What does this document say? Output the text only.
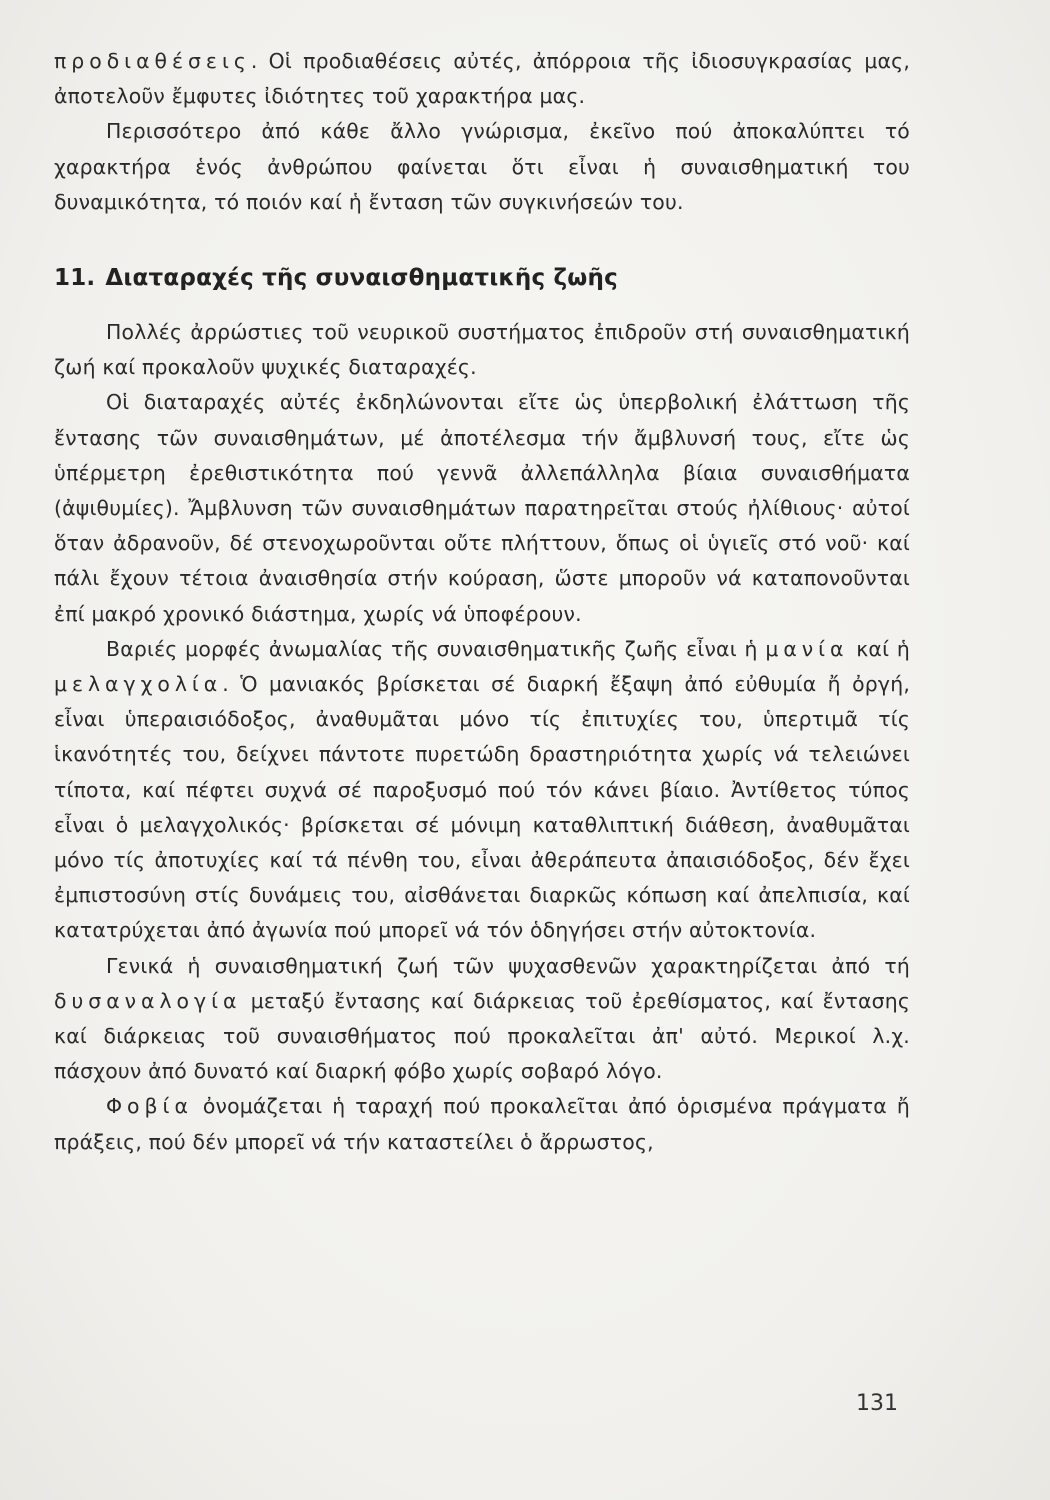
προδιαθέσεις. Οἱ προδιαθέσεις αὐτές, ἀπόρροια τῆς ἰδιοσυγκρασίας μας, ἀποτελοῦν ἔμφυτες ἰδιότητες τοῦ χαρακτήρα μας.

Περισσότερο ἀπό κάθε ἄλλο γνώρισμα, ἐκεῖνο πού ἀποκαλύπτει τό χαρακτήρα ἑνός ἀνθρώπου φαίνεται ὅτι εἶναι ἡ συναισθηματική του δυναμικότητα, τό ποιόν καί ἡ ἔνταση τῶν συγκινήσεών του.

11. Διαταραχές τῆς συναισθηματικῆς ζωῆς

Πολλές ἀρρώστιες τοῦ νευρικοῦ συστήματος ἐπιδροῦν στή συναισθηματική ζωή καί προκαλοῦν ψυχικές διαταραχές.

Οἱ διαταραχές αὐτές ἐκδηλώνονται εἴτε ὡς ὑπερβολική ἐλάττωση τῆς ἔντασης τῶν συναισθημάτων, μέ ἀποτέλεσμα τήν ἄμβλυνσή τους, εἴτε ὡς ὑπέρμετρη ἐρεθιστικότητα πού γεννᾶ ἀλλεπάλληλα βίαια συναισθήματα (ἀψιθυμίες). Ἄμβλυνση τῶν συναισθημάτων παρατηρεῖται στούς ἠλίθιους· αὐτοί ὅταν ἀδρανοῦν, δέ στενοχωροῦνται οὔτε πλήττουν, ὅπως οἱ ὑγιεῖς στό νοῦ· καί πάλι ἔχουν τέτοια ἀναισθησία στήν κούραση, ὥστε μποροῦν νά καταπονοῦνται ἐπί μακρό χρονικό διάστημα, χωρίς νά ὑποφέρουν.

Βαριές μορφές ἀνωμαλίας τῆς συναισθηματικῆς ζωῆς εἶναι ἡ μανία καί ἡ μελαγχολία. Ὁ μανιακός βρίσκεται σέ διαρκή ἔξαψη ἀπό εὐθυμία ἤ ὀργή, εἶναι ὑπεραισιόδοξος, ἀναθυμᾶται μόνο τίς ἐπιτυχίες του, ὑπερτιμᾶ τίς ἱκανότητές του, δείχνει πάντοτε πυρετώδη δραστηριότητα χωρίς νά τελειώνει τίποτα, καί πέφτει συχνά σέ παροξυσμό πού τόν κάνει βίαιο. Ἀντίθετος τύπος εἶναι ὁ μελαγχολικός· βρίσκεται σέ μόνιμη καταθλιπτική διάθεση, ἀναθυμᾶται μόνο τίς ἀποτυχίες καί τά πένθη του, εἶναι ἀθεράπευτα ἀπαισιόδοξος, δέν ἔχει ἐμπιστοσύνη στίς δυνάμεις του, αἰσθάνεται διαρκῶς κόπωση καί ἀπελπισία, καί κατατρύχεται ἀπό ἀγωνία πού μπορεῖ νά τόν ὁδηγήσει στήν αὐτοκτονία.

Γενικά ἡ συναισθηματική ζωή τῶν ψυχασθενῶν χαρακτηρίζεται ἀπό τή δυσαναλογία μεταξύ ἔντασης καί διάρκειας τοῦ ἐρεθίσματος, καί ἔντασης καί διάρκειας τοῦ συναισθήματος πού προκαλεῖται ἀπ' αὐτό. Μερικοί λ.χ. πάσχουν ἀπό δυνατό καί διαρκή φόβο χωρίς σοβαρό λόγο.

Φοβία ὀνομάζεται ἡ ταραχή πού προκαλεῖται ἀπό ὁρισμένα πράγματα ἤ πράξεις, πού δέν μπορεῖ νά τήν καταστείλει ὁ ἄρρωστος,

131
